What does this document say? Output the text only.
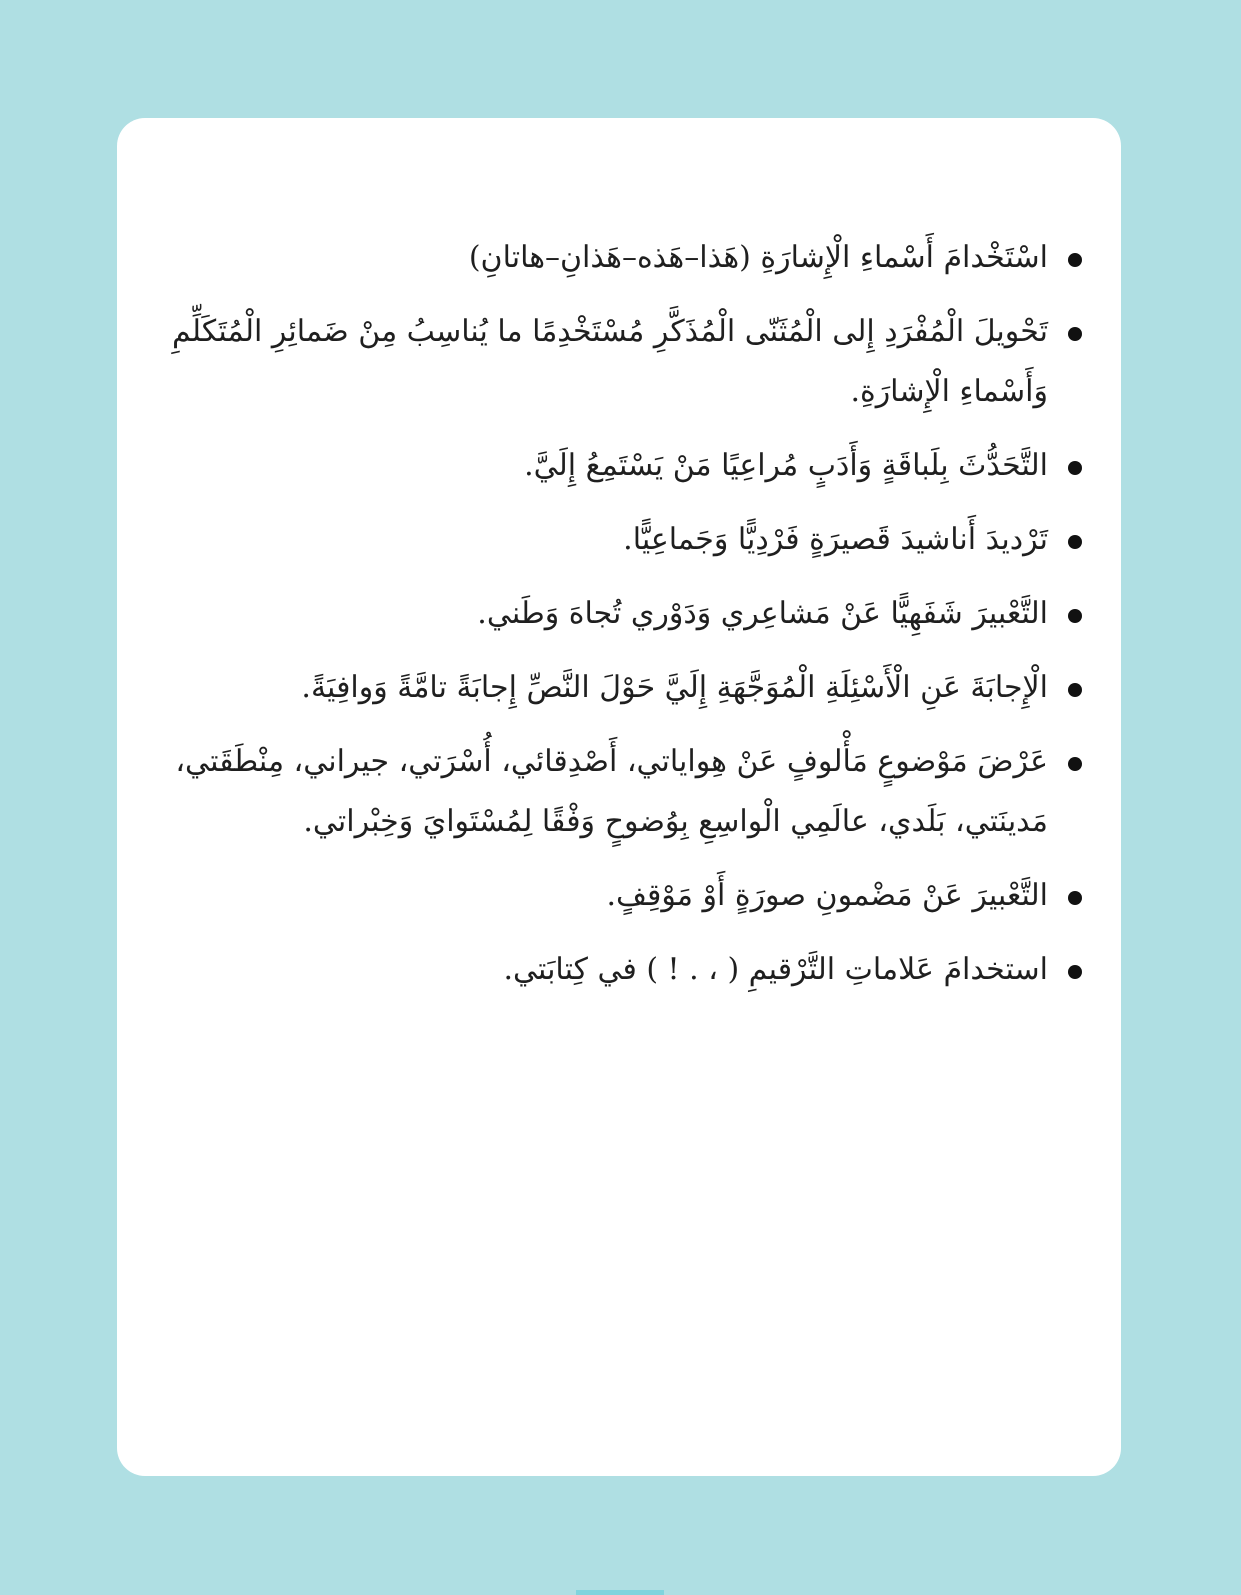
اسْتَخْدامَ أَسْماءِ الْإِشارَةِ (هَذا–هَذه–هَذانِ–هاتانِ)
تَحْويلَ الْمُفْرَدِ إِلى الْمُثَنّى الْمُذَكَّرِ مُسْتَخْدِمًا ما يُناسِبُ مِنْ ضَمائِرِ الْمُتَكَلِّمِ وَأَسْماءِ الْإِشارَةِ.
التَّحَدُّثَ بِلَباقَةٍ وَأَدَبٍ مُراعِيًا مَنْ يَسْتَمِعُ إِلَيَّ.
تَرْديدَ أَناشيدَ قَصيرَةٍ فَرْدِيًّا وَجَماعِيًّا.
التَّعْبيرَ شَفَهِيًّا عَنْ مَشاعِري وَدَوْري تُجاهَ وَطَني.
الْإِجابَةَ عَنِ الْأَسْئِلَةِ الْمُوَجَّهَةِ إِلَيَّ حَوْلَ النَّصِّ إِجابَةً تامَّةً وَوافِيَةً.
عَرْضَ مَوْضوعٍ مَأْلوفٍ عَنْ هِواياتي، أَصْدِقائي، أُسْرَتي، جيراني، مِنْطَقَتي، مَدينَتي، بَلَدي، عالَمِي الْواسِعِ بِوُضوحٍ وَفْقًا لِمُسْتَوايَ وَخِبْراتي.
التَّعْبيرَ عَنْ مَضْمونِ صورَةٍ أَوْ مَوْقِفٍ.
استخدامَ عَلاماتِ التَّرْقيمِ ( ، . ! ) في كِتابَتي.
